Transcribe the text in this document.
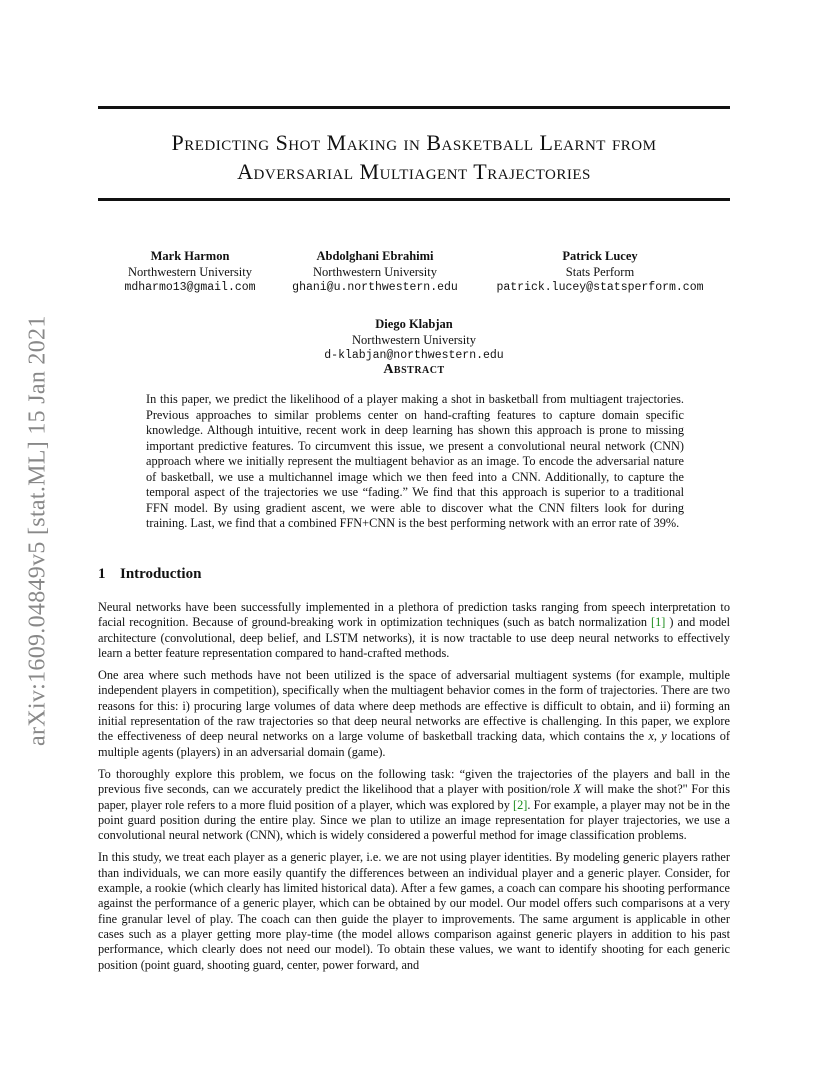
arXiv:1609.04849v5 [stat.ML] 15 Jan 2021
Predicting Shot Making in Basketball Learnt from
Adversarial Multiagent Trajectories
Mark Harmon
Northwestern University
mdharmo13@gmail.com
Abdolghani Ebrahimi
Northwestern University
ghani@u.northwestern.edu
Patrick Lucey
Stats Perform
patrick.lucey@statsperform.com
Diego Klabjan
Northwestern University
d-klabjan@northwestern.edu
Abstract

In this paper, we predict the likelihood of a player making a shot in basketball from multiagent trajectories. Previous approaches to similar problems center on hand-crafting features to capture domain specific knowledge. Although intuitive, recent work in deep learning has shown this approach is prone to missing important predictive features. To circumvent this issue, we present a convolutional neural network (CNN) approach where we initially represent the multiagent behavior as an image. To encode the adversarial nature of basketball, we use a multichannel image which we then feed into a CNN. Additionally, to capture the temporal aspect of the trajectories we use “fading.” We find that this approach is superior to a traditional FFN model. By using gradient ascent, we were able to discover what the CNN filters look for during training. Last, we find that a combined FFN+CNN is the best performing network with an error rate of 39%.

1 Introduction

Neural networks have been successfully implemented in a plethora of prediction tasks ranging from speech interpretation to facial recognition. Because of ground-breaking work in optimization techniques (such as batch normalization [1] ) and model architecture (convolutional, deep belief, and LSTM networks), it is now tractable to use deep neural networks to effectively learn a better feature representation compared to hand-crafted methods.

One area where such methods have not been utilized is the space of adversarial multiagent systems (for example, multiple independent players in competition), specifically when the multiagent behavior comes in the form of trajectories. There are two reasons for this: i) procuring large volumes of data where deep methods are effective is difficult to obtain, and ii) forming an initial representation of the raw trajectories so that deep neural networks are effective is challenging. In this paper, we explore the effectiveness of deep neural networks on a large volume of basketball tracking data, which contains the x, y locations of multiple agents (players) in an adversarial domain (game).

To thoroughly explore this problem, we focus on the following task: “given the trajectories of the players and ball in the previous five seconds, can we accurately predict the likelihood that a player with position/role X will make the shot?" For this paper, player role refers to a more fluid position of a player, which was explored by [2]. For example, a player may not be in the point guard position during the entire play. Since we plan to utilize an image representation for player trajectories, we use a convolutional neural network (CNN), which is widely considered a powerful method for image classification problems.

In this study, we treat each player as a generic player, i.e. we are not using player identities. By modeling generic players rather than individuals, we can more easily quantify the differences between an individual player and a generic player. Consider, for example, a rookie (which clearly has limited historical data). After a few games, a coach can compare his shooting performance against the performance of a generic player, which can be obtained by our model. Our model offers such comparisons at a very fine granular level of play. The coach can then guide the player to improvements. The same argument is applicable in other cases such as a player getting more play-time (the model allows comparison against generic players in addition to his past performance, which clearly does not need our model). To obtain these values, we want to identify shooting for each generic position (point guard, shooting guard, center, power forward, and
